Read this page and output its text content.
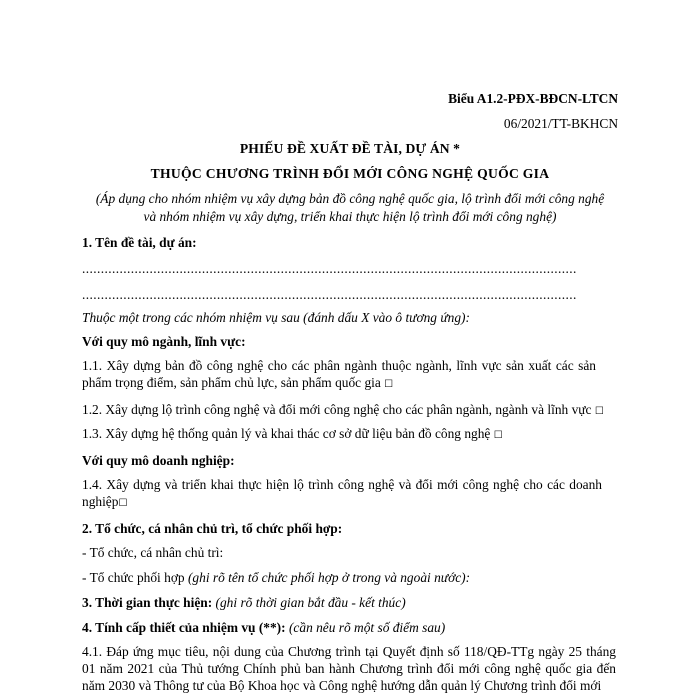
Biểu A1.2-PĐX-BĐCN-LTCN
06/2021/TT-BKHCN
PHIẾU ĐỀ XUẤT ĐỀ TÀI, DỰ ÁN *
THUỘC CHƯƠNG TRÌNH ĐỔI MỚI CÔNG NGHỆ QUỐC GIA
(Áp dụng cho nhóm nhiệm vụ xây dựng bản đồ công nghệ quốc gia, lộ trình đổi mới công nghệ
và nhóm nhiệm vụ xây dựng, triển khai thực hiện lộ trình đổi mới công nghệ)
1. Tên đề tài, dự án:
....................................................................................................................................
....................................................................................................................................
Thuộc một trong các nhóm nhiệm vụ sau (đánh dấu X vào ô tương ứng):
Với quy mô ngành, lĩnh vực:
1.1. Xây dựng bản đồ công nghệ cho các phân ngành thuộc ngành, lĩnh vực sản xuất các sản phẩm trọng điểm, sản phẩm chủ lực, sản phẩm quốc gia ☐
1.2. Xây dựng lộ trình công nghệ và đổi mới công nghệ cho các phân ngành, ngành và lĩnh vực ☐
1.3. Xây dựng hệ thống quản lý và khai thác cơ sở dữ liệu bản đồ công nghệ ☐
Với quy mô doanh nghiệp:
1.4. Xây dựng và triển khai thực hiện lộ trình công nghệ và đổi mới công nghệ cho các doanh nghiệp☐
2. Tổ chức, cá nhân chủ trì, tổ chức phối hợp:
- Tổ chức, cá nhân chủ trì:
- Tổ chức phối hợp (ghi rõ tên tổ chức phối hợp ở trong và ngoài nước):
3. Thời gian thực hiện: (ghi rõ thời gian bắt đầu - kết thúc)
4. Tính cấp thiết của nhiệm vụ (**): (cần nêu rõ một số điểm sau)
4.1. Đáp ứng mục tiêu, nội dung của Chương trình tại Quyết định số 118/QĐ-TTg ngày 25 tháng 01 năm 2021 của Thủ tướng Chính phủ ban hành Chương trình đổi mới công nghệ quốc gia đến năm 2030 và Thông tư của Bộ Khoa học và Công nghệ hướng dẫn quản lý Chương trình đổi mới
